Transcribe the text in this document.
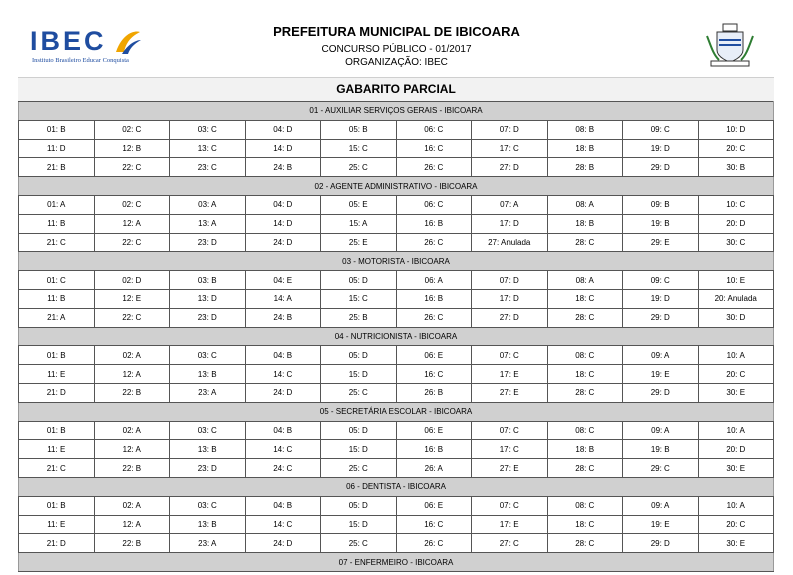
IBEC
Instituto Brasileiro Educar Conquista
PREFEITURA MUNICIPAL DE IBICOARA
CONCURSO PÚBLICO - 01/2017
ORGANIZAÇÃO: IBEC
GABARITO PARCIAL
01 - AUXILIAR SERVIÇOS GERAIS - IBICOARA									
01: B	02: C	03: C	04: D	05: B	06: C	07: D	08: B	09: C	10: D
11: D	12: B	13: C	14: D	15: C	16: C	17: C	18: B	19: D	20: C
21: B	22: C	23: C	24: B	25: C	26: C	27: D	28: B	29: D	30: B
02 - AGENTE ADMINISTRATIVO - IBICOARA									
01: A	02: C	03: A	04: D	05: E	06: C	07: A	08: A	09: B	10: C
11: B	12: A	13: A	14: D	15: A	16: B	17: D	18: B	19: B	20: D
21: C	22: C	23: D	24: D	25: E	26: C	27: Anulada	28: C	29: E	30: C
03 - MOTORISTA - IBICOARA									
01: C	02: D	03: B	04: E	05: D	06: A	07: D	08: A	09: C	10: E
11: B	12: E	13: D	14: A	15: C	16: B	17: D	18: C	19: D	20: Anulada
21: A	22: C	23: D	24: B	25: B	26: C	27: D	28: C	29: D	30: D
04 - NUTRICIONISTA - IBICOARA									
01: B	02: A	03: C	04: B	05: D	06: E	07: C	08: C	09: A	10: A
11: E	12: A	13: B	14: C	15: D	16: C	17: E	18: C	19: E	20: C
21: D	22: B	23: A	24: D	25: C	26: B	27: E	28: C	29: D	30: E
05 - SECRETÁRIA ESCOLAR - IBICOARA									
01: B	02: A	03: C	04: B	05: D	06: E	07: C	08: C	09: A	10: A
11: E	12: A	13: B	14: C	15: D	16: B	17: C	18: B	19: B	20: D
21: C	22: B	23: D	24: C	25: C	26: A	27: E	28: C	29: C	30: E
06 - DENTISTA - IBICOARA									
01: B	02: A	03: C	04: B	05: D	06: E	07: C	08: C	09: A	10: A
11: E	12: A	13: B	14: C	15: D	16: C	17: E	18: C	19: E	20: C
21: D	22: B	23: A	24: D	25: C	26: C	27: C	28: C	29: D	30: E
07 - ENFERMEIRO - IBICOARA									
